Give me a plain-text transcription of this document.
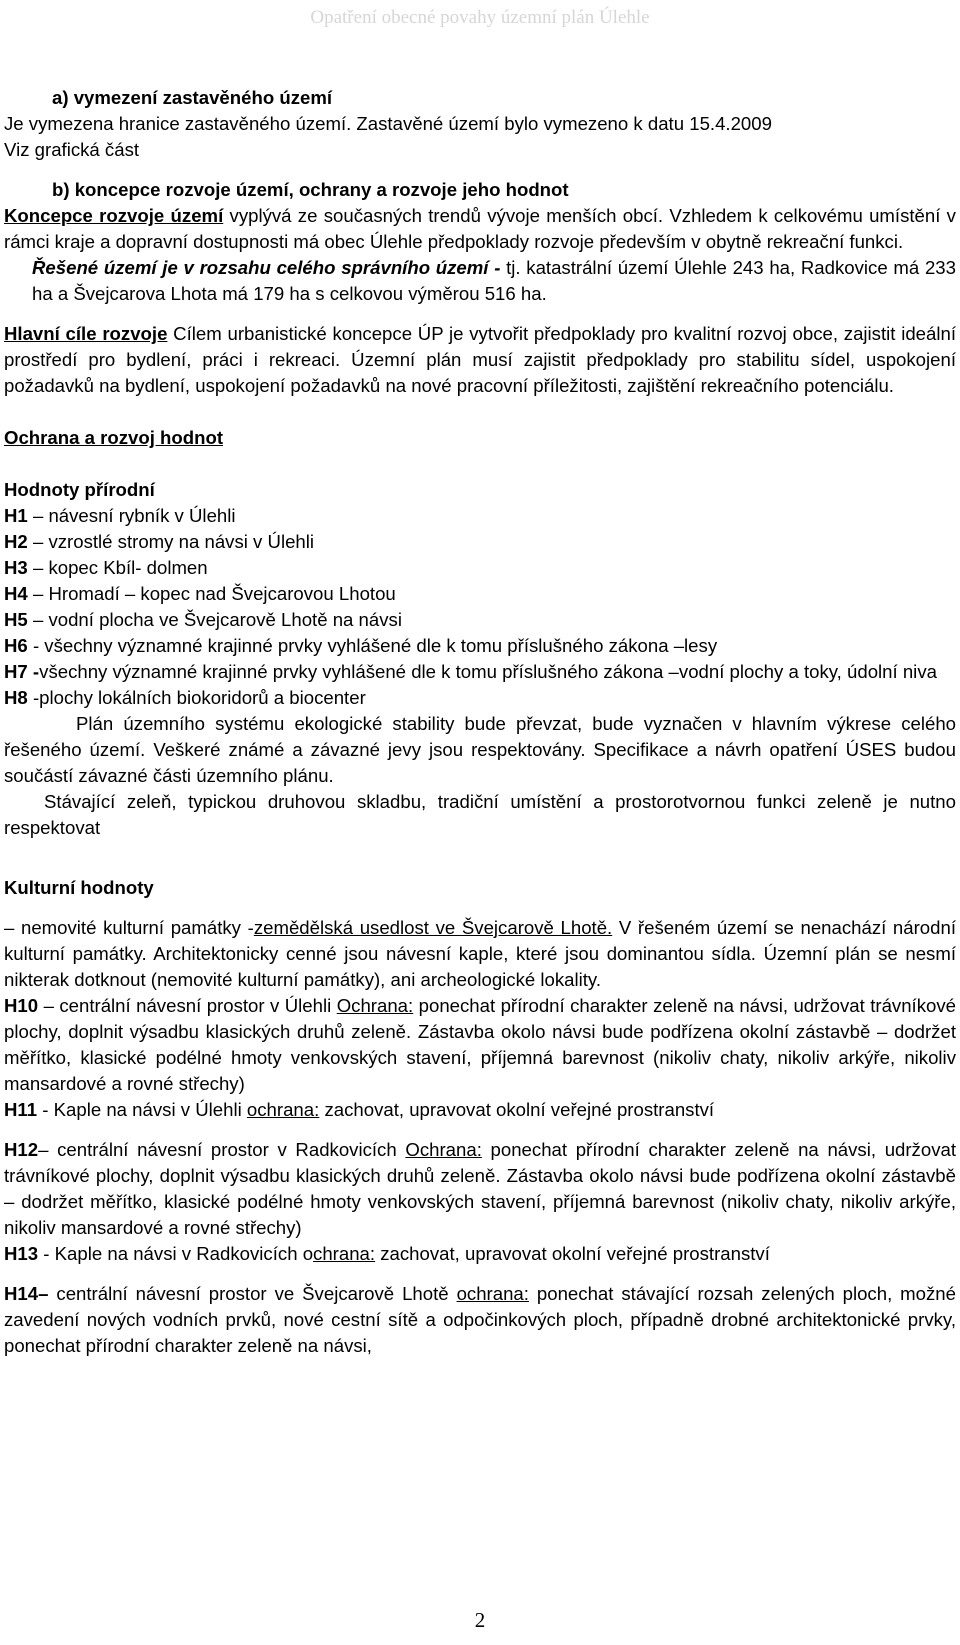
Opatření obecné povahy územní plán Úlehle

a) vymezení zastavěného území

Je vymezena hranice zastavěného území. Zastavěné území bylo vymezeno k datu 15.4.2009

Viz grafická část

b) koncepce rozvoje území, ochrany a rozvoje jeho hodnot

Koncepce rozvoje území vyplývá ze současných trendů vývoje menších obcí. Vzhledem k celkovému umístění v rámci kraje a dopravní dostupnosti má obec Úlehle předpoklady rozvoje především v obytně rekreační funkci.

Řešené území je v rozsahu celého správního území - tj. katastrální území Úlehle 243 ha, Radkovice má 233 ha a Švejcarova Lhota má 179 ha s celkovou výměrou 516 ha.

Hlavní cíle rozvoje Cílem urbanistické koncepce ÚP je vytvořit předpoklady pro kvalitní rozvoj obce, zajistit ideální prostředí pro bydlení, práci i rekreaci. Územní plán musí zajistit předpoklady pro stabilitu sídel, uspokojení požadavků na bydlení, uspokojení požadavků na nové pracovní příležitosti, zajištění rekreačního potenciálu.

Ochrana a rozvoj hodnot

Hodnoty přírodní

H1 – návesní rybník v Úlehli

H2 – vzrostlé stromy na návsi v Úlehli

H3 – kopec Kbíl- dolmen

H4 – Hromadí – kopec nad Švejcarovou Lhotou

H5 – vodní plocha ve Švejcarově Lhotě na návsi

H6 - všechny významné krajinné prvky vyhlášené dle k tomu příslušného zákona –lesy

H7 -všechny významné krajinné prvky vyhlášené dle k tomu příslušného zákona –vodní plochy a toky, údolní niva

H8 -plochy lokálních biokoridorů a biocenter

Plán územního systému ekologické stability bude převzat, bude vyznačen v hlavním výkrese celého řešeného území. Veškeré známé a závazné jevy jsou respektovány. Specifikace a návrh opatření ÚSES budou součástí závazné části územního plánu.

Stávající zeleň, typickou druhovou skladbu, tradiční umístění a prostorotvornou funkci zeleně je nutno respektovat

Kulturní hodnoty

– nemovité kulturní památky -zemědělská usedlost ve Švejcarově Lhotě. V řešeném území se nenachází národní kulturní památky. Architektonicky cenné jsou návesní kaple, které jsou dominantou sídla. Územní plán se nesmí nikterak dotknout (nemovité kulturní památky), ani archeologické lokality.

H10 – centrální návesní prostor v Úlehli Ochrana: ponechat přírodní charakter zeleně na návsi, udržovat trávníkové plochy, doplnit výsadbu klasických druhů zeleně. Zástavba okolo návsi bude podřízena okolní zástavbě – dodržet měřítko, klasické podélné hmoty venkovských stavení, příjemná barevnost (nikoliv chaty, nikoliv arkýře, nikoliv mansardové a rovné střechy)

H11 - Kaple na návsi v Úlehli ochrana: zachovat, upravovat okolní veřejné prostranství

H12– centrální návesní prostor v Radkovicích Ochrana: ponechat přírodní charakter zeleně na návsi, udržovat trávníkové plochy, doplnit výsadbu klasických druhů zeleně. Zástavba okolo návsi bude podřízena okolní zástavbě – dodržet měřítko, klasické podélné hmoty venkovských stavení, příjemná barevnost (nikoliv chaty, nikoliv arkýře, nikoliv mansardové a rovné střechy)

H13 - Kaple na návsi v Radkovicích ochrana: zachovat, upravovat okolní veřejné prostranství

H14– centrální návesní prostor ve Švejcarově Lhotě ochrana: ponechat stávající rozsah zelených ploch, možné zavedení nových vodních prvků, nové cestní sítě a odpočinkových ploch, případně drobné architektonické prvky, ponechat přírodní charakter zeleně na návsi,

2
